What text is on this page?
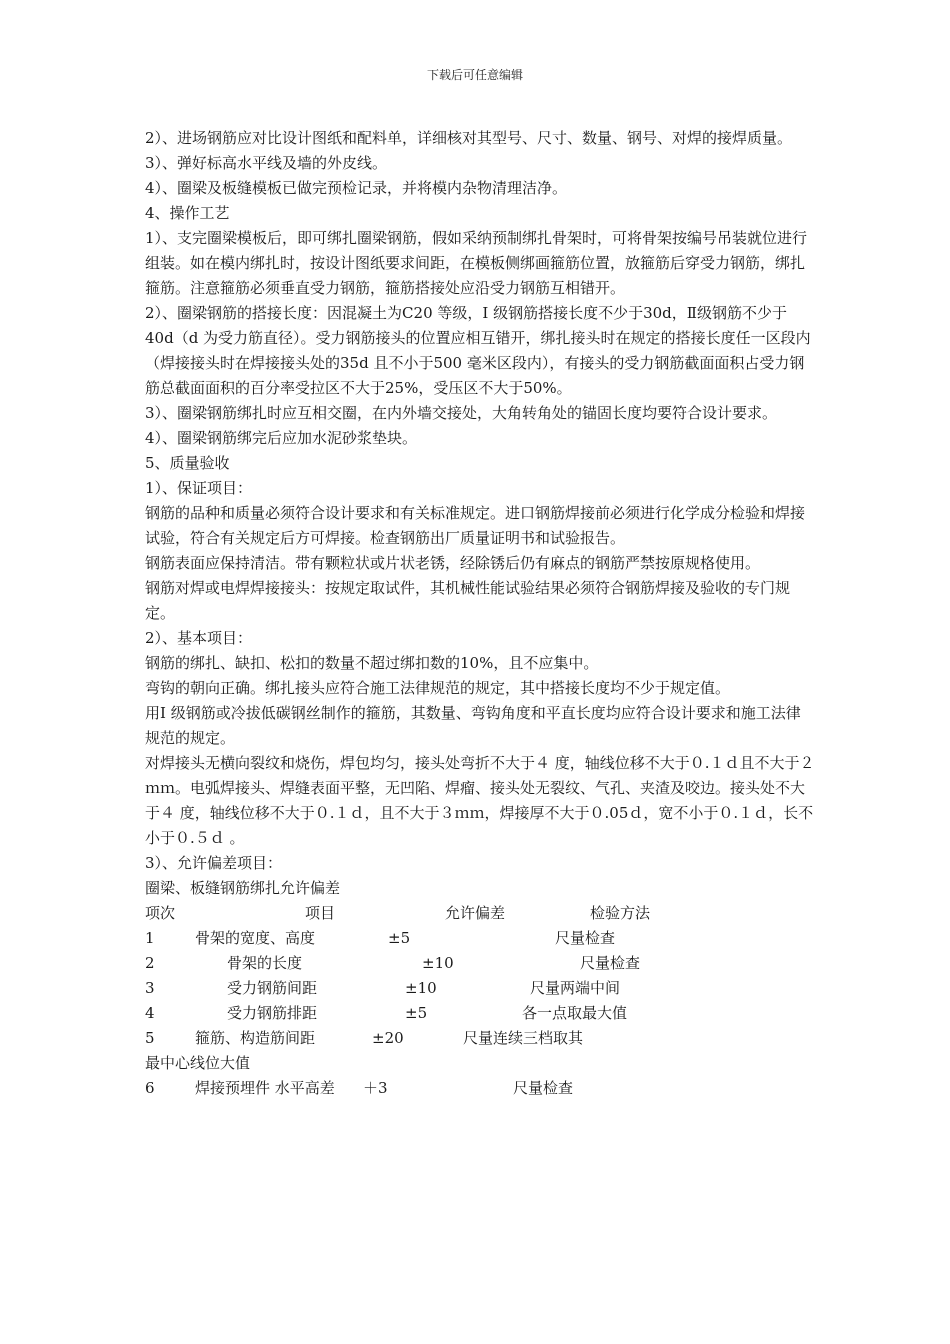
下载后可任意编辑

2）、进场钢筋应对比设计图纸和配料单，详细核对其型号、尺寸、数量、钢号、对焊的接焊质量。

3）、弹好标高水平线及墙的外皮线。

4）、圈梁及板缝模板已做完预检记录，并将模内杂物清理洁净。

4、操作工艺

1）、支完圈梁模板后，即可绑扎圈梁钢筋，假如采纳预制绑扎骨架时，可将骨架按编号吊装就位进行组装。如在模内绑扎时，按设计图纸要求间距，在模板侧绑画箍筋位置，放箍筋后穿受力钢筋，绑扎箍筋。注意箍筋必须垂直受力钢筋，箍筋搭接处应沿受力钢筋互相错开。

2）、圈梁钢筋的搭接长度：因混凝土为C20 等级，I 级钢筋搭接长度不少于30d，Ⅱ级钢筋不少于40d（d 为受力筋直径）。受力钢筋接头的位置应相互错开，绑扎接头时在规定的搭接长度任一区段内（焊接接头时在焊接接头处的35d 且不小于500 毫米区段内），有接头的受力钢筋截面面积占受力钢筋总截面面积的百分率受拉区不大于25%，受压区不大于50%。

3）、圈梁钢筋绑扎时应互相交圈，在内外墙交接处，大角转角处的锚固长度均要符合设计要求。

4）、圈梁钢筋绑完后应加水泥砂浆垫块。

5、质量验收

1）、保证项目：

钢筋的品种和质量必须符合设计要求和有关标准规定。进口钢筋焊接前必须进行化学成分检验和焊接试验，符合有关规定后方可焊接。检查钢筋出厂质量证明书和试验报告。

钢筋表面应保持清洁。带有颗粒状或片状老锈，经除锈后仍有麻点的钢筋严禁按原规格使用。

钢筋对焊或电焊焊接接头：按规定取试件，其机械性能试验结果必须符合钢筋焊接及验收的专门规定。

2）、基本项目：

钢筋的绑扎、缺扣、松扣的数量不超过绑扣数的10%，且不应集中。

弯钩的朝向正确。绑扎接头应符合施工法律规范的规定，其中搭接长度均不少于规定值。

用I 级钢筋或冷拔低碳钢丝制作的箍筋，其数量、弯钩角度和平直长度均应符合设计要求和施工法律规范的规定。

对焊接头无横向裂纹和烧伤，焊包均匀，接头处弯折不大于４ 度，轴线位移不大于０.１ｄ且不大于２ｍｍ。电弧焊接头、焊缝表面平整，无凹陷、焊瘤、接头处无裂纹、气孔、夹渣及咬边。接头处不大于４ 度，轴线位移不大于０.１ｄ，且不大于３ｍｍ，焊接厚不大于０.05ｄ，宽不小于０.１ｄ，长不小于０.５ｄ 。

3）、允许偏差项目：

圈梁、板缝钢筋绑扎允许偏差

项次	项目	允许偏差	检验方法
1	骨架的宽度、高度	±5	尺量检查
2	骨架的长度	±10	尺量检查
3	受力钢筋间距	±10	尺量两端中间
4	受力钢筋排距	±5	各一点取最大值
5	箍筋、构造筋间距	±20	尺量连续三档取其

最中心线位大值

6	焊接预埋件 水平高差 ＋3	尺量检查
